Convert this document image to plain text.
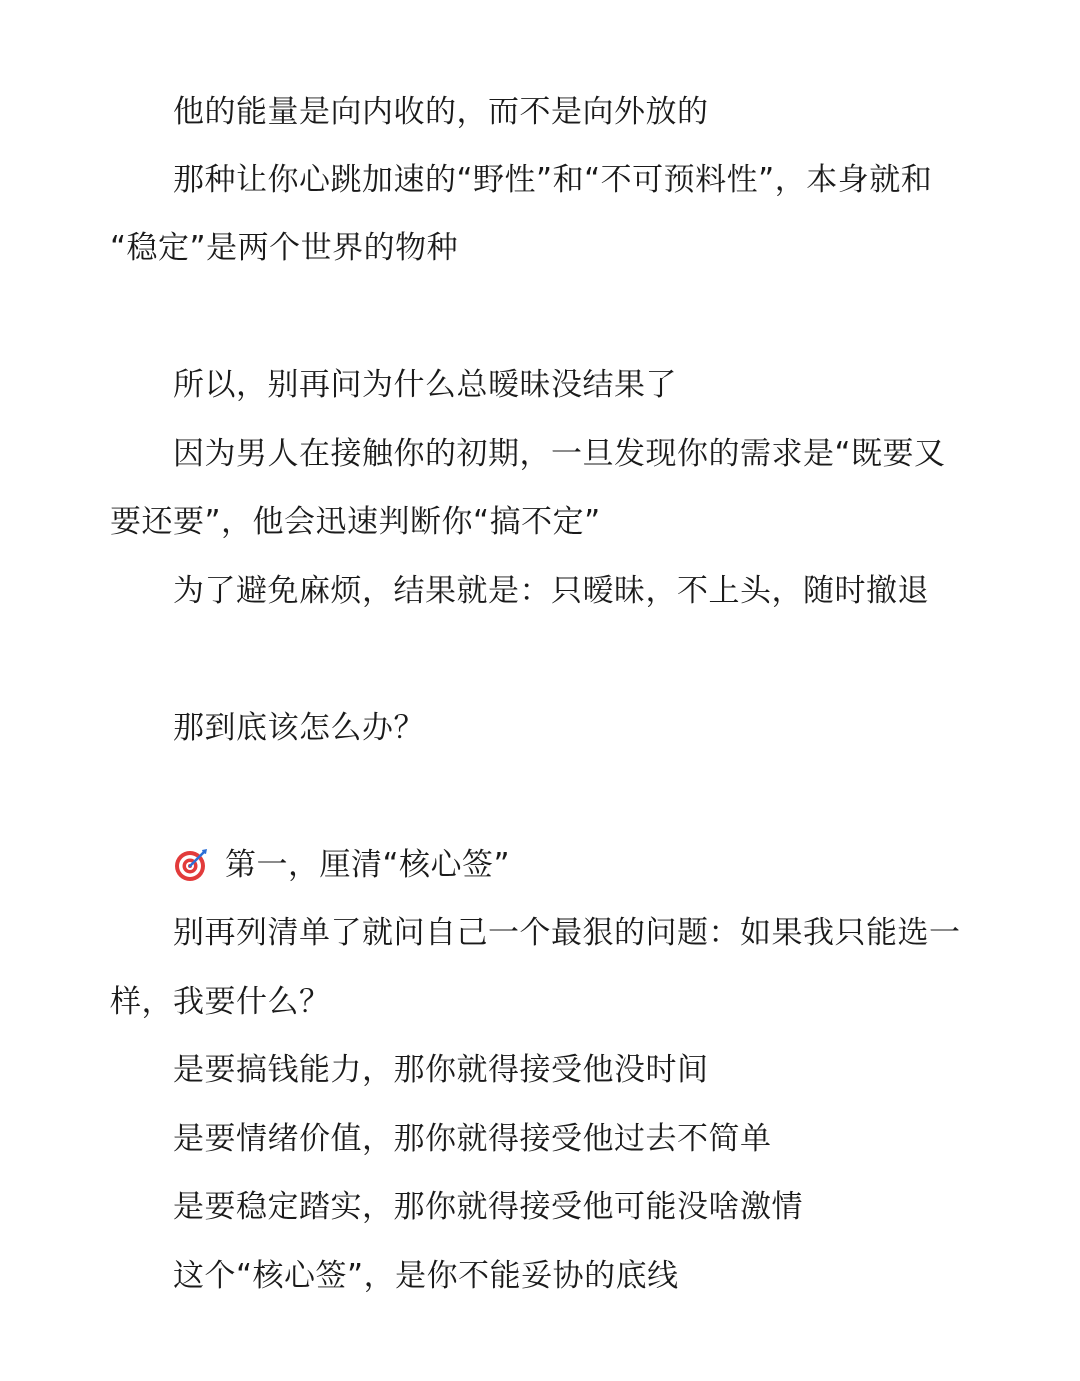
他的能量是向内收的，而不是向外放的
那种让你心跳加速的“野性”和“不可预料性”，本身就和
“稳定”是两个世界的物种
所以，别再问为什么总暧昧没结果了
因为男人在接触你的初期，一旦发现你的需求是“既要又
要还要”，他会迅速判断你“搞不定”
为了避免麻烦，结果就是：只暧昧，不上头，随时撤退
那到底该怎么办？
第一，厘清“核心签”
别再列清单了就问自己一个最狠的问题：如果我只能选一
样，我要什么？
是要搞钱能力，那你就得接受他没时间
是要情绪价值，那你就得接受他过去不简单
是要稳定踏实，那你就得接受他可能没啥激情
这个“核心签”，是你不能妥协的底线
